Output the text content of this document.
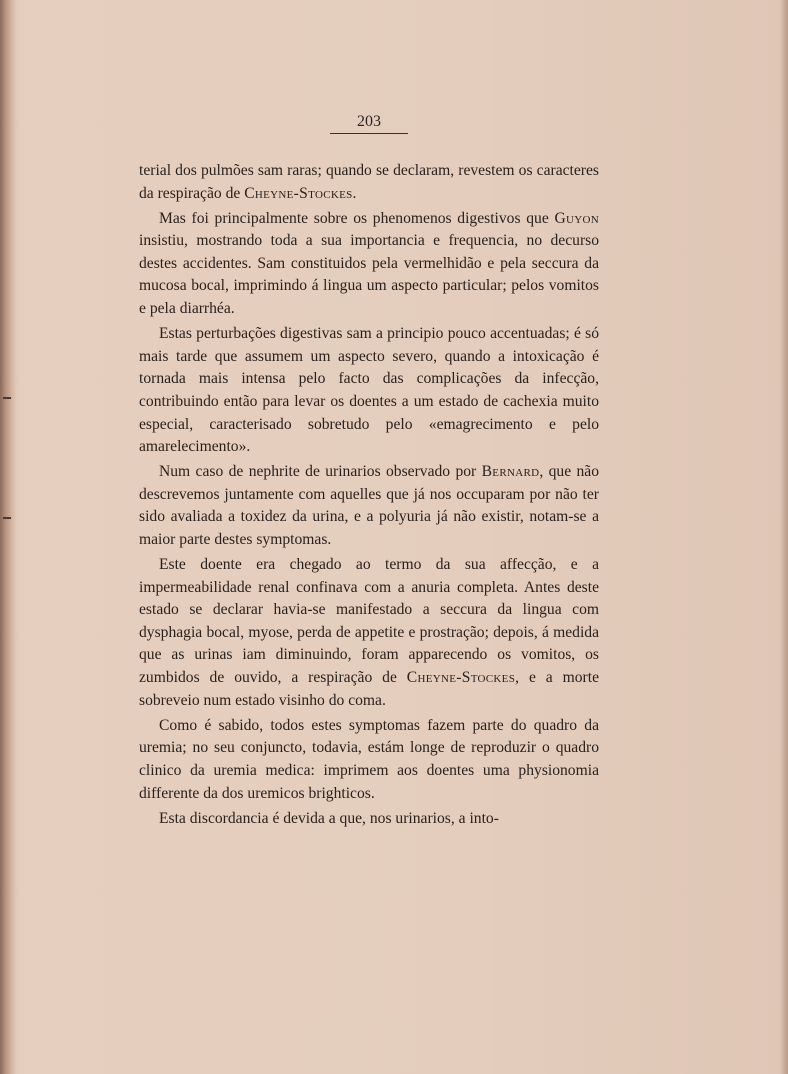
203

terial dos pulmões sam raras; quando se declaram, revestem os caracteres da respiração de Cheyne-Stockes.

Mas foi principalmente sobre os phenomenos digestivos que Guyon insistiu, mostrando toda a sua importancia e frequencia, no decurso destes accidentes. Sam constituidos pela vermelhidão e pela seccura da mucosa bocal, imprimindo á lingua um aspecto particular; pelos vomitos e pela diarrhéa.

Estas perturbações digestivas sam a principio pouco accentuadas; é só mais tarde que assumem um aspecto severo, quando a intoxicação é tornada mais intensa pelo facto das complicações da infecção, contribuindo então para levar os doentes a um estado de cachexia muito especial, caracterisado sobretudo pelo «emagrecimento e pelo amarelecimento».

Num caso de nephrite de urinarios observado por Bernard, que não descrevemos juntamente com aquelles que já nos occuparam por não ter sido avaliada a toxidez da urina, e a polyuria já não existir, notam-se a maior parte destes symptomas.

Este doente era chegado ao termo da sua affecção, e a impermeabilidade renal confinava com a anuria completa. Antes deste estado se declarar havia-se manifestado a seccura da lingua com dysphagia bocal, myose, perda de appetite e prostração; depois, á medida que as urinas iam diminuindo, foram apparecendo os vomitos, os zumbidos de ouvido, a respiração de Cheyne-Stockes, e a morte sobreveio num estado visinho do coma.

Como é sabido, todos estes symptomas fazem parte do quadro da uremia; no seu conjuncto, todavia, estám longe de reproduzir o quadro clinico da uremia medica: imprimem aos doentes uma physionomia differente da dos uremicos brighticos.

Esta discordancia é devida a que, nos urinarios, a into-
